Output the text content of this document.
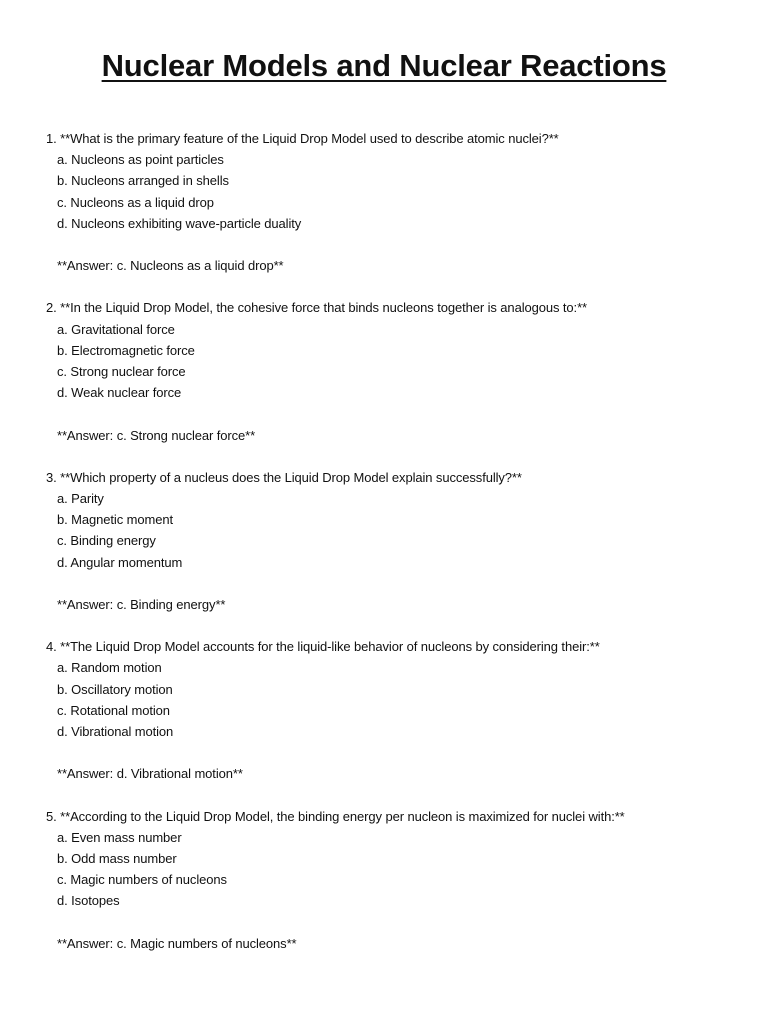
Nuclear Models and Nuclear Reactions
1. **What is the primary feature of the Liquid Drop Model used to describe atomic nuclei?**
a. Nucleons as point particles
b. Nucleons arranged in shells
c. Nucleons as a liquid drop
d. Nucleons exhibiting wave-particle duality
**Answer: c. Nucleons as a liquid drop**
2. **In the Liquid Drop Model, the cohesive force that binds nucleons together is analogous to:**
a. Gravitational force
b. Electromagnetic force
c. Strong nuclear force
d. Weak nuclear force
**Answer: c. Strong nuclear force**
3. **Which property of a nucleus does the Liquid Drop Model explain successfully?**
a. Parity
b. Magnetic moment
c. Binding energy
d. Angular momentum
**Answer: c. Binding energy**
4. **The Liquid Drop Model accounts for the liquid-like behavior of nucleons by considering their:**
a. Random motion
b. Oscillatory motion
c. Rotational motion
d. Vibrational motion
**Answer: d. Vibrational motion**
5. **According to the Liquid Drop Model, the binding energy per nucleon is maximized for nuclei with:**
a. Even mass number
b. Odd mass number
c. Magic numbers of nucleons
d. Isotopes
**Answer: c. Magic numbers of nucleons**
